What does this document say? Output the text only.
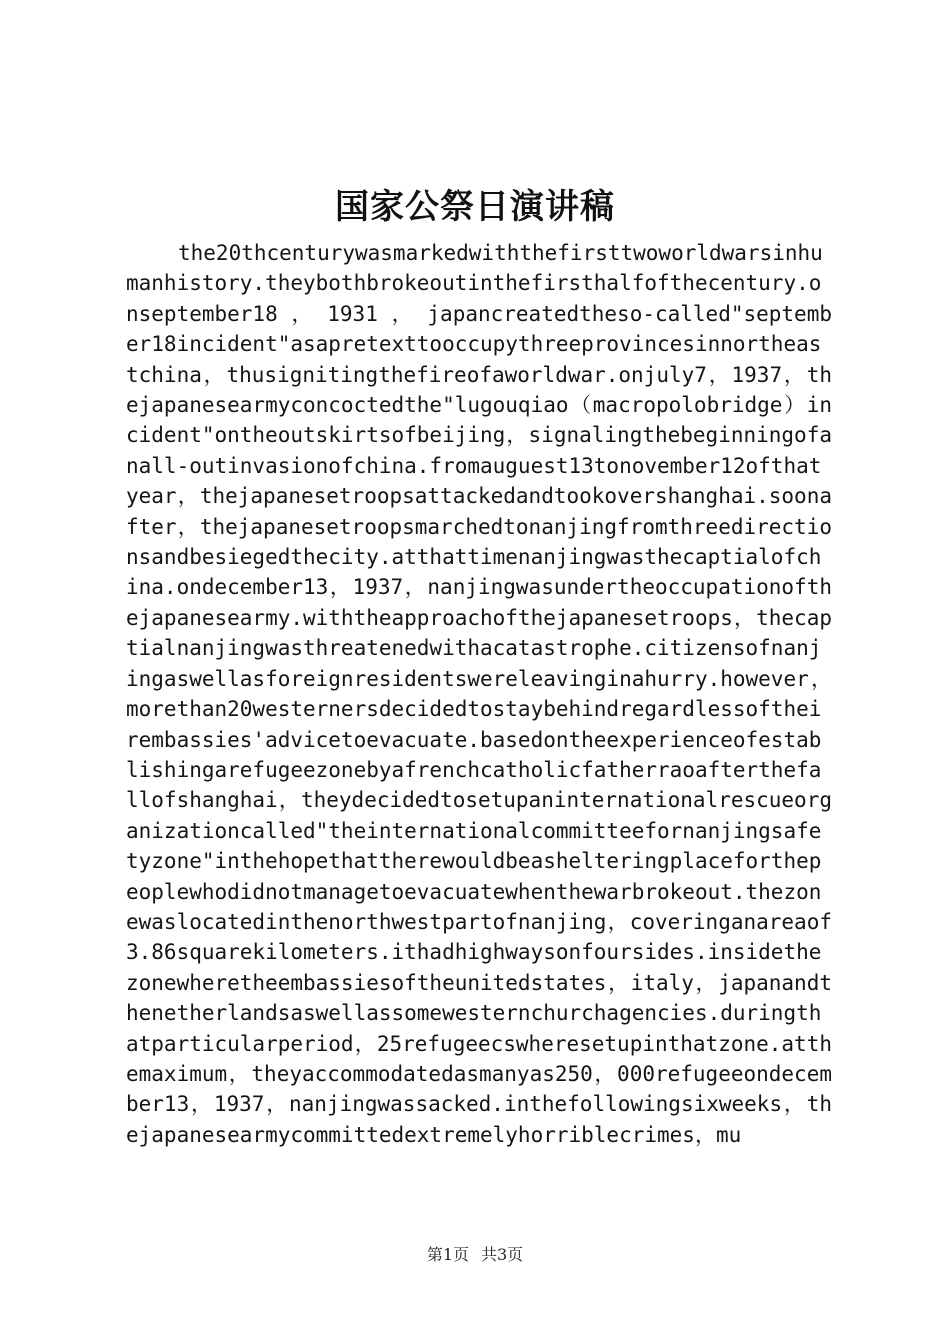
国家公祭日演讲稿
the20thcenturywasmarkedwiththefirsttwoworldwarsinhumanhistory.theybothbrokeoutinthefirsthalfofthecentury.onseptember18 ， 1931 ， japancreatedtheso-called"september18incident"asapretexttooccupythreeprovincesinnortheastchina，thusignitingthefireofaworldwar.onjuly7，1937，thejapanesearmyconcoctedthe"lugouqiao（macropolobridge）incident"ontheoutskirtsofbeijing，signalingthebeginningofanall-outinvasionofchina.fromauguest13tonovember12ofthatyear，thejapanesetroopsattackedandtookovershanghai.soonafter，thejapanesetroopsmarchedtonanjingfromthreedirectionsandbesiegedthecity.atthattimenanjingwasthecaptialofchina.ondecember13，1937，nanjingwasundertheoccupationofthejapanesearmy.withtheapproachofthejapanesetroops，thecaptialnanjingwasthreatenedwithacatastrophe.citizensofnanjingaswellasforeignresidentswereleavinginahurry.however，morethan20westernersdecidedtostaybehindregardlessoftheirembassies'advicetoevacuate.basedontheexperienceofestablishingarefugeezonebyafrenchcatholicfatherraoafterthefallofshanghai，theydecidedtosetupaninternationalrescueorganizationcalled"theinternationalcommitteefornanjingsafetyzone"inthehopethattherewouldbeashelteringplaceforthepeoplewhodidnotmanagetoevacuatewhenthewarbrokeout.thezonewaslocatedinthenorthwestpartofnanjing，coveringanareaof3.86squarekilometers.ithadhighwaysonfoursides.insidethezonewheretheembassiesoftheunitedstates，italy，japanandthenetherlandsaswellassomewesternchurchagencies.duringthatparticularperiod，25refugeecswheresetupinthatzone.atthemaximum，theyaccommodatedasmanyas250，000refugeeondecember13，1937，nanjingwassacked.inthefollowingsixweeks，thejapanesearmycommittedextremelyhorriblecrimes，mu
第1页 共3页
